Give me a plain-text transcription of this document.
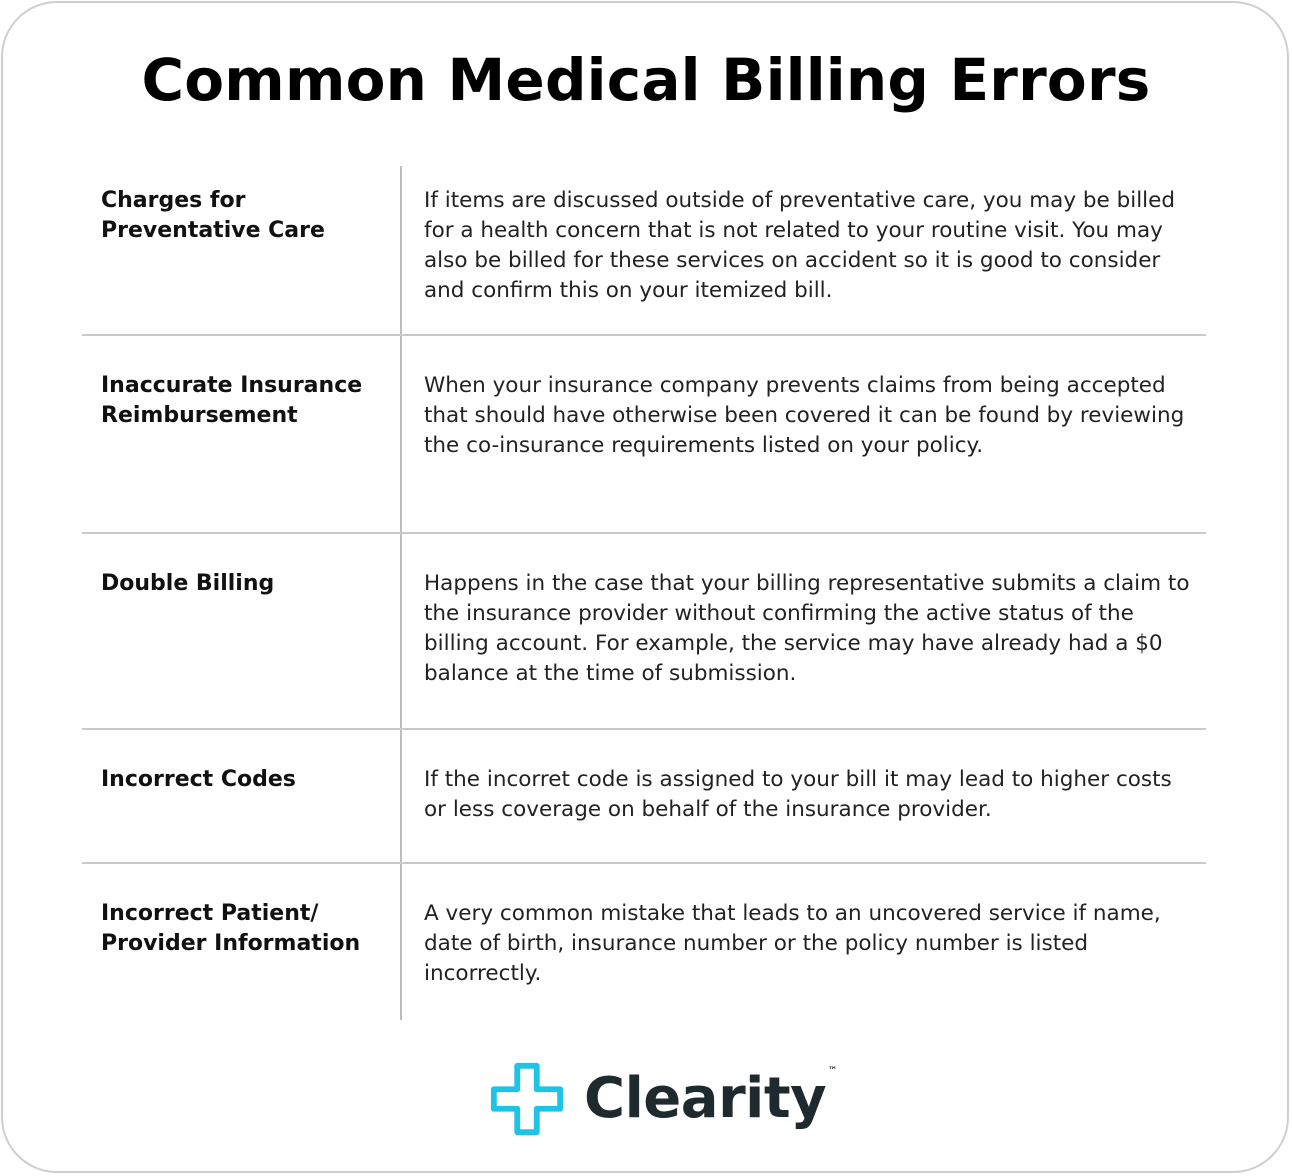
Common Medical Billing Errors
Charges for Preventative Care
If items are discussed outside of preventative care, you may be billed for a health concern that is not related to your routine visit. You may also be billed for these services on accident so it is good to consider and confirm this on your itemized bill.
Inaccurate Insurance Reimbursement
When your insurance company prevents claims from being accepted that should have otherwise been covered it can be found by reviewing the co-insurance requirements listed on your policy.
Double Billing	Happens in the case that your billing representative submits a claim to the insurance provider without confirming the active status of the billing account. For example, the service may have already had a $0 balance at the time of submission.
Incorrect Codes	If the incorret code is assigned to your bill it may lead to higher costs or less coverage on behalf of the insurance provider.
Incorrect Patient/ Provider Information
A very common mistake that leads to an uncovered service if name, date of birth, insurance number or the policy number is listed incorrectly.
Clearity ™
